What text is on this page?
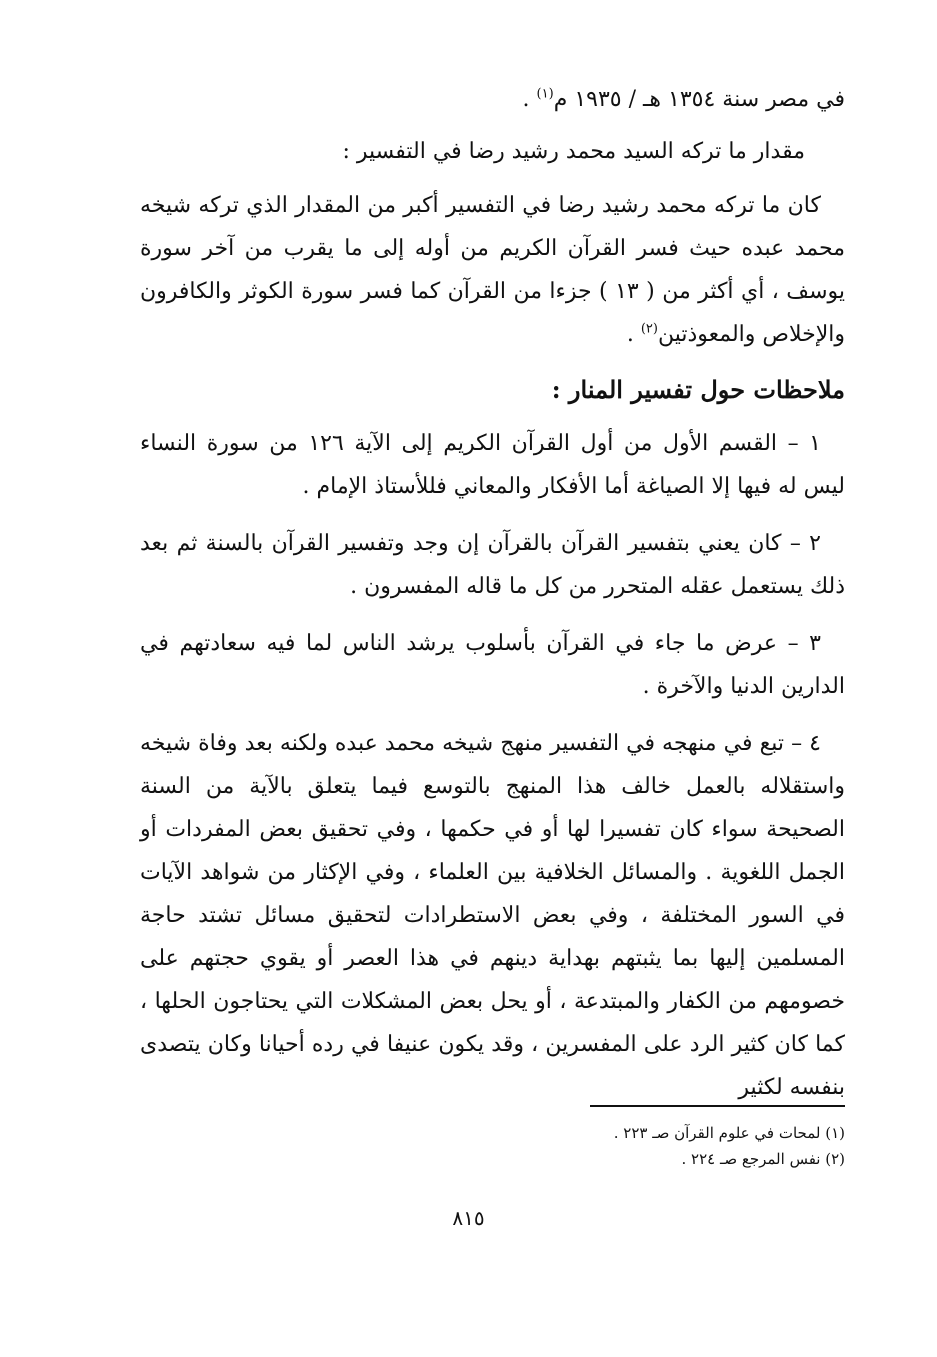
في مصر سنة ١٣٥٤ هـ / ١٩٣٥ م$^{(١)}$ .

مقدار ما تركه السيد محمد رشيد رضا في التفسير :

كان ما تركه محمد رشيد رضا في التفسير أكبر من المقدار الذي تركه شيخه محمد عبده حيث فسر القرآن الكريم من أوله إلى ما يقرب من آخر سورة يوسف ، أي أكثر من ( ١٣ ) جزءا من القرآن كما فسر سورة الكوثر والكافرون والإخلاص والمعوذتين$^{(٢)}$ .

ملاحظات حول تفسير المنار :

١ – القسم الأول من أول القرآن الكريم إلى الآية ١٢٦ من سورة النساء ليس له فيها إلا الصياغة أما الأفكار والمعاني فللأستاذ الإمام .

٢ – كان يعني بتفسير القرآن بالقرآن إن وجد وتفسير القرآن بالسنة ثم بعد ذلك يستعمل عقله المتحرر من كل ما قاله المفسرون .

٣ – عرض ما جاء في القرآن بأسلوب يرشد الناس لما فيه سعادتهم في الدارين الدنيا والآخرة .

٤ – تبع في منهجه في التفسير منهج شيخه محمد عبده ولكنه بعد وفاة شيخه واستقلاله بالعمل خالف هذا المنهج بالتوسع فيما يتعلق بالآية من السنة الصحيحة سواء كان تفسيرا لها أو في حكمها ، وفي تحقيق بعض المفردات أو الجمل اللغوية . والمسائل الخلافية بين العلماء ، وفي الإكثار من شواهد الآيات في السور المختلفة ، وفي بعض الاستطرادات لتحقيق مسائل تشتد حاجة المسلمين إليها بما يثبتهم بهداية دينهم في هذا العصر أو يقوي حجتهم على خصومهم من الكفار والمبتدعة ، أو يحل بعض المشكلات التي يحتاجون الحلها ، كما كان كثير الرد على المفسرين ، وقد يكون عنيفا في رده أحيانا وكان يتصدى بنفسه لكثير

(١) لمحات في علوم القرآن صـ ٢٢٣ .

(٢) نفس المرجع صـ ٢٢٤ .

٨١٥
